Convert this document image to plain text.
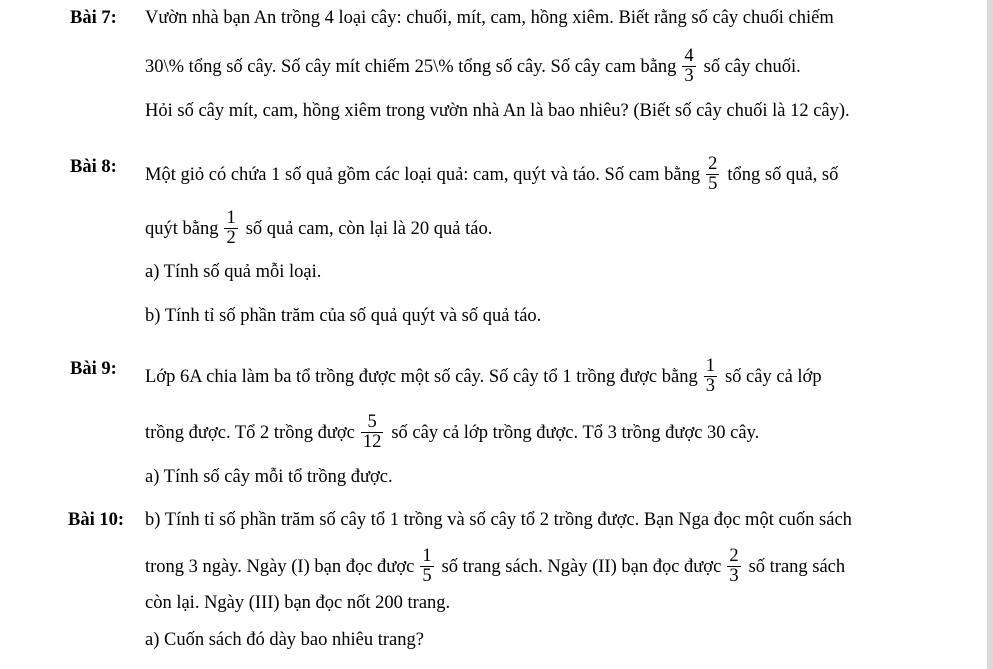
Bài 7: Vườn nhà bạn An trồng 4 loại cây: chuối, mít, cam, hồng xiêm. Biết rằng số cây chuối chiếm
30\% tổng số cây. Số cây mít chiếm 25\% tổng số cây. Số cây cam bằng $\frac{4}{3}$ số cây chuối.
Hỏi số cây mít, cam, hồng xiêm trong vườn nhà An là bao nhiêu? (Biết số cây chuối là 12 cây).
Bài 8: Một giỏ có chứa 1 số quả gồm các loại quả: cam, quýt và táo. Số cam bằng $\frac{2}{5}$ tổng số quả, số
quýt bằng $\frac{1}{2}$ số quả cam, còn lại là 20 quả táo.
a) Tính số quả mỗi loại.
b) Tính tỉ số phần trăm của số quả quýt và số quả táo.
Bài 9: Lớp 6A chia làm ba tổ trồng được một số cây. Số cây tổ 1 trồng được bằng $\frac{1}{3}$ số cây cả lớp
trồng được. Tổ 2 trồng được $\frac{5}{12}$ số cây cả lớp trồng được. Tổ 3 trồng được 30 cây.
a) Tính số cây mỗi tổ trồng được.
Bài 10: b) Tính tỉ số phần trăm số cây tổ 1 trồng và số cây tổ 2 trồng được. Bạn Nga đọc một cuốn sách
trong 3 ngày. Ngày (I) bạn đọc được $\frac{1}{5}$ số trang sách. Ngày (II) bạn đọc được $\frac{2}{3}$ số trang sách
còn lại. Ngày (III) bạn đọc nốt 200 trang.
a) Cuốn sách đó dày bao nhiêu trang?
